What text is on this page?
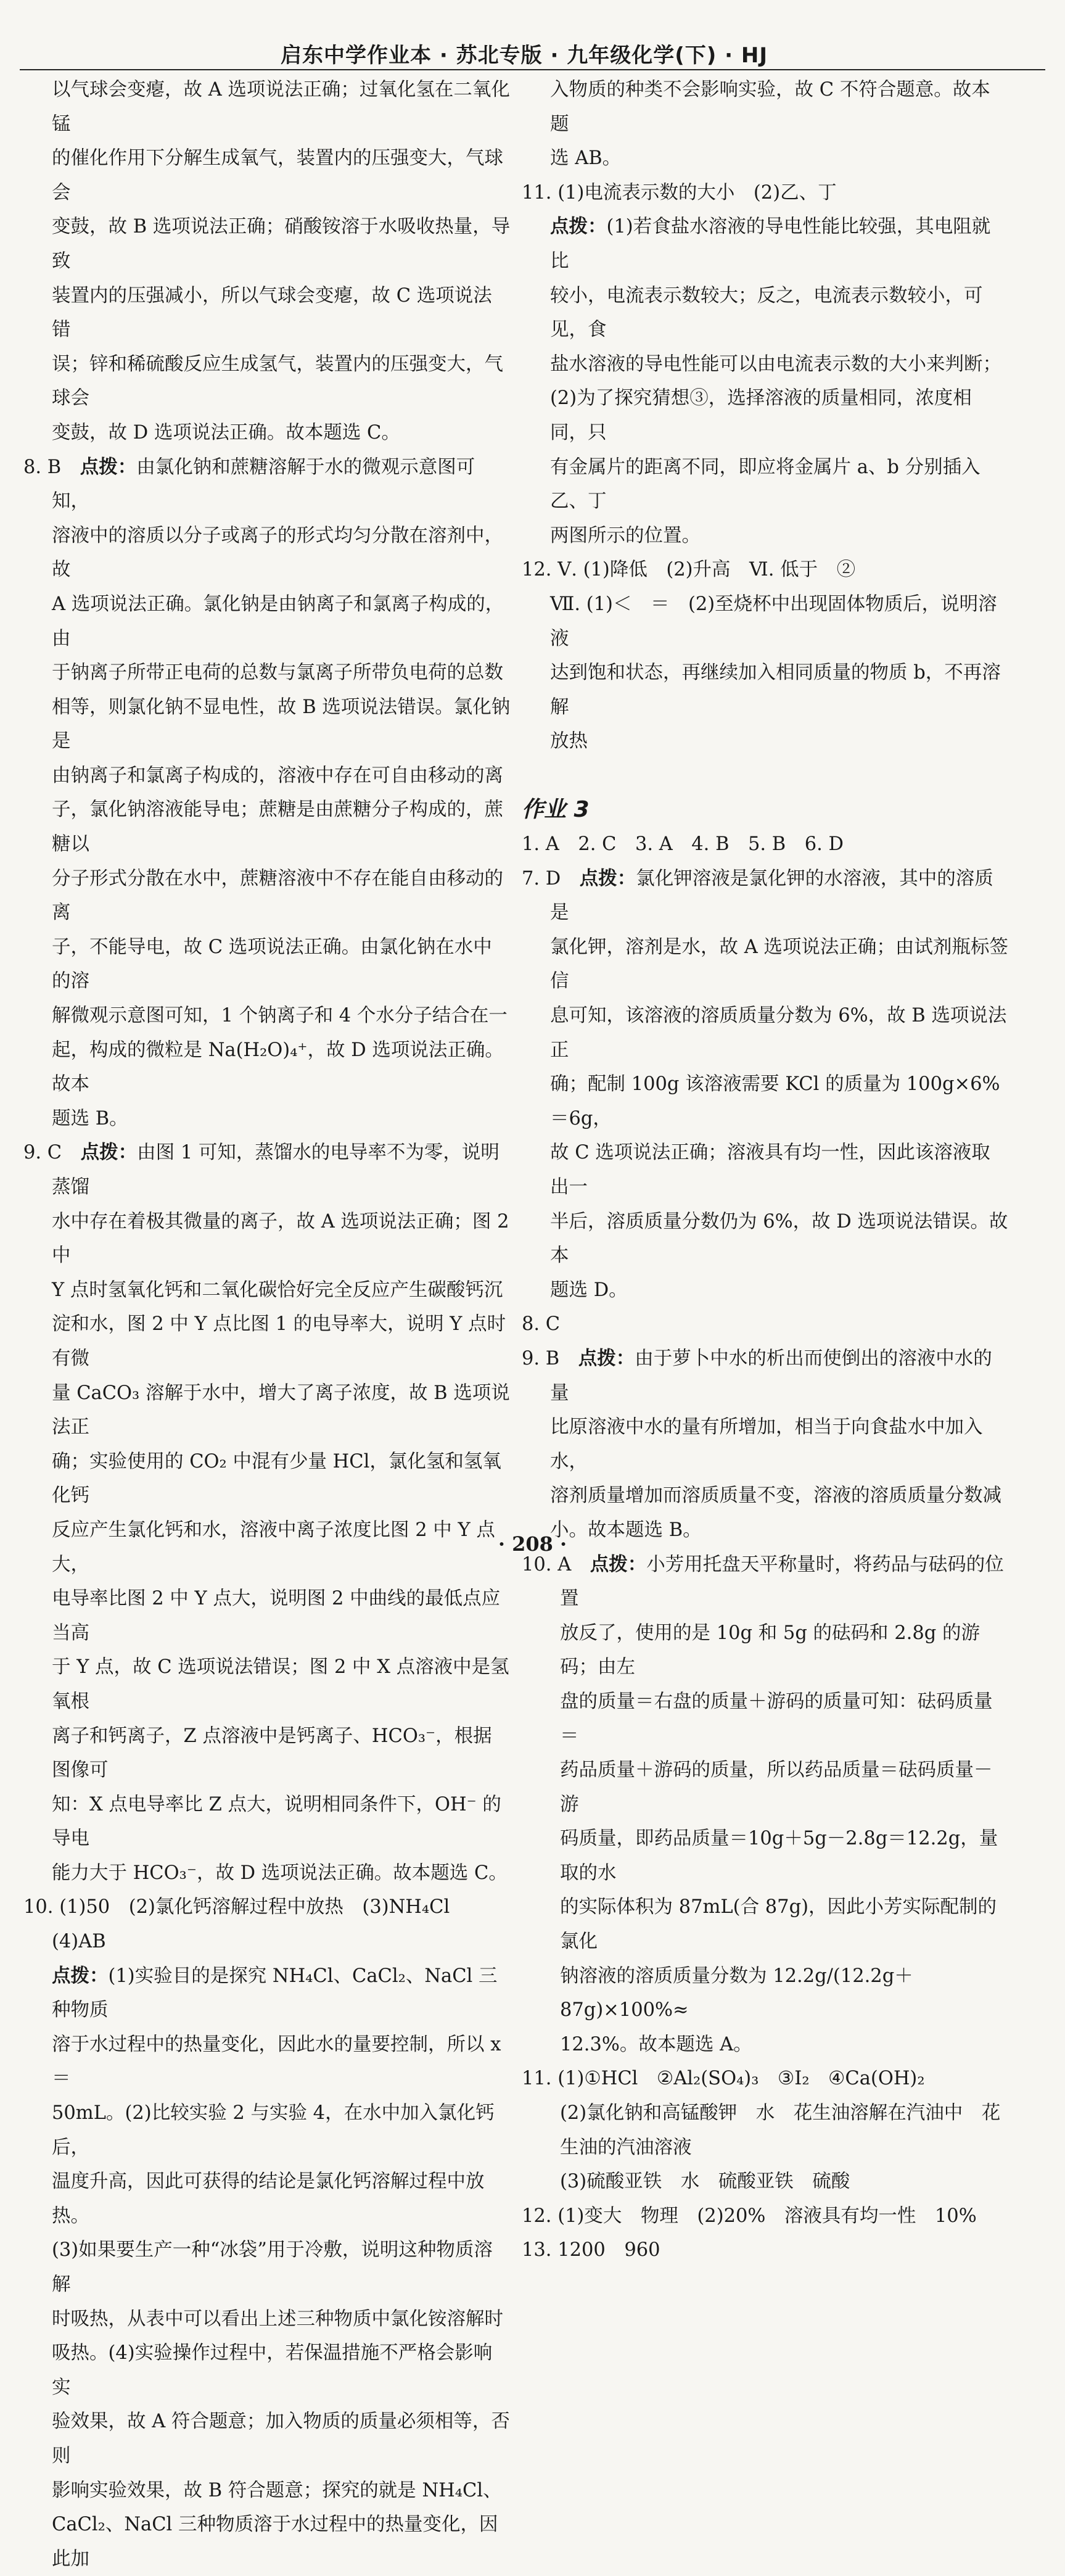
启东中学作业本 · 苏北专版 · 九年级化学(下) · HJ

以气球会变瘪，故 A 选项说法正确；过氧化氢在二氧化锰

的催化作用下分解生成氧气，装置内的压强变大，气球会

变鼓，故 B 选项说法正确；硝酸铵溶于水吸收热量，导致

装置内的压强减小，所以气球会变瘪，故 C 选项说法错

误；锌和稀硫酸反应生成氢气，装置内的压强变大，气球会

变鼓，故 D 选项说法正确。故本题选 C。

8. B　点拨：由氯化钠和蔗糖溶解于水的微观示意图可知，

溶液中的溶质以分子或离子的形式均匀分散在溶剂中，故

A 选项说法正确。氯化钠是由钠离子和氯离子构成的，由

于钠离子所带正电荷的总数与氯离子所带负电荷的总数

相等，则氯化钠不显电性，故 B 选项说法错误。氯化钠是

由钠离子和氯离子构成的，溶液中存在可自由移动的离

子，氯化钠溶液能导电；蔗糖是由蔗糖分子构成的，蔗糖以

分子形式分散在水中，蔗糖溶液中不存在能自由移动的离

子，不能导电，故 C 选项说法正确。由氯化钠在水中的溶

解微观示意图可知，1 个钠离子和 4 个水分子结合在一

起，构成的微粒是 Na(H₂O)₄⁺，故 D 选项说法正确。故本

题选 B。

9. C　点拨：由图 1 可知，蒸馏水的电导率不为零，说明蒸馏

水中存在着极其微量的离子，故 A 选项说法正确；图 2 中

Y 点时氢氧化钙和二氧化碳恰好完全反应产生碳酸钙沉

淀和水，图 2 中 Y 点比图 1 的电导率大，说明 Y 点时有微

量 CaCO₃ 溶解于水中，增大了离子浓度，故 B 选项说法正

确；实验使用的 CO₂ 中混有少量 HCl，氯化氢和氢氧化钙

反应产生氯化钙和水，溶液中离子浓度比图 2 中 Y 点大，

电导率比图 2 中 Y 点大，说明图 2 中曲线的最低点应当高

于 Y 点，故 C 选项说法错误；图 2 中 X 点溶液中是氢氧根

离子和钙离子，Z 点溶液中是钙离子、HCO₃⁻，根据图像可

知：X 点电导率比 Z 点大，说明相同条件下，OH⁻ 的导电

能力大于 HCO₃⁻，故 D 选项说法正确。故本题选 C。

10. (1)50　(2)氯化钙溶解过程中放热　(3)NH₄Cl

(4)AB

点拨：(1)实验目的是探究 NH₄Cl、CaCl₂、NaCl 三种物质

溶于水过程中的热量变化，因此水的量要控制，所以 x＝

50mL。(2)比较实验 2 与实验 4，在水中加入氯化钙后，

温度升高，因此可获得的结论是氯化钙溶解过程中放热。

(3)如果要生产一种“冰袋”用于冷敷，说明这种物质溶解

时吸热，从表中可以看出上述三种物质中氯化铵溶解时

吸热。(4)实验操作过程中，若保温措施不严格会影响实

验效果，故 A 符合题意；加入物质的质量必须相等，否则

影响实验效果，故 B 符合题意；探究的就是 NH₄Cl、

CaCl₂、NaCl 三种物质溶于水过程中的热量变化，因此加

入物质的种类不会影响实验，故 C 不符合题意。故本题

选 AB。

11. (1)电流表示数的大小　(2)乙、丁

点拨：(1)若食盐水溶液的导电性能比较强，其电阻就比

较小，电流表示数较大；反之，电流表示数较小，可见，食

盐水溶液的导电性能可以由电流表示数的大小来判断；

(2)为了探究猜想③，选择溶液的质量相同，浓度相同，只

有金属片的距离不同，即应将金属片 a、b 分别插入乙、丁

两图所示的位置。

12. Ⅴ. (1)降低　(2)升高　Ⅵ. 低于　②

Ⅶ. (1)＜　＝　(2)至烧杯中出现固体物质后，说明溶液

达到饱和状态，再继续加入相同质量的物质 b，不再溶解

放热

作业 3

1. A　2. C　3. A　4. B　5. B　6. D

7. D　点拨：氯化钾溶液是氯化钾的水溶液，其中的溶质是

氯化钾，溶剂是水，故 A 选项说法正确；由试剂瓶标签信

息可知，该溶液的溶质质量分数为 6%，故 B 选项说法正

确；配制 100g 该溶液需要 KCl 的质量为 100g×6%＝6g，

故 C 选项说法正确；溶液具有均一性，因此该溶液取出一

半后，溶质质量分数仍为 6%，故 D 选项说法错误。故本

题选 D。

8. C

9. B　点拨：由于萝卜中水的析出而使倒出的溶液中水的量

比原溶液中水的量有所增加，相当于向食盐水中加入水，

溶剂质量增加而溶质质量不变，溶液的溶质质量分数减

小。故本题选 B。

10. A　点拨：小芳用托盘天平称量时，将药品与砝码的位置

放反了，使用的是 10g 和 5g 的砝码和 2.8g 的游码；由左

盘的质量＝右盘的质量＋游码的质量可知：砝码质量＝

药品质量＋游码的质量，所以药品质量＝砝码质量－游

码质量，即药品质量＝10g＋5g－2.8g＝12.2g，量取的水

的实际体积为 87mL(合 87g)，因此小芳实际配制的氯化

钠溶液的溶质质量分数为 12.2g/(12.2g＋87g)×100%≈

12.3%。故本题选 A。

11. (1)①HCl　②Al₂(SO₄)₃　③I₂　④Ca(OH)₂

(2)氯化钠和高锰酸钾　水　花生油溶解在汽油中　花

生油的汽油溶液

(3)硫酸亚铁　水　硫酸亚铁　硫酸

12. (1)变大　物理　(2)20%　溶液具有均一性　10%

13. 1200　960

· 208 ·
